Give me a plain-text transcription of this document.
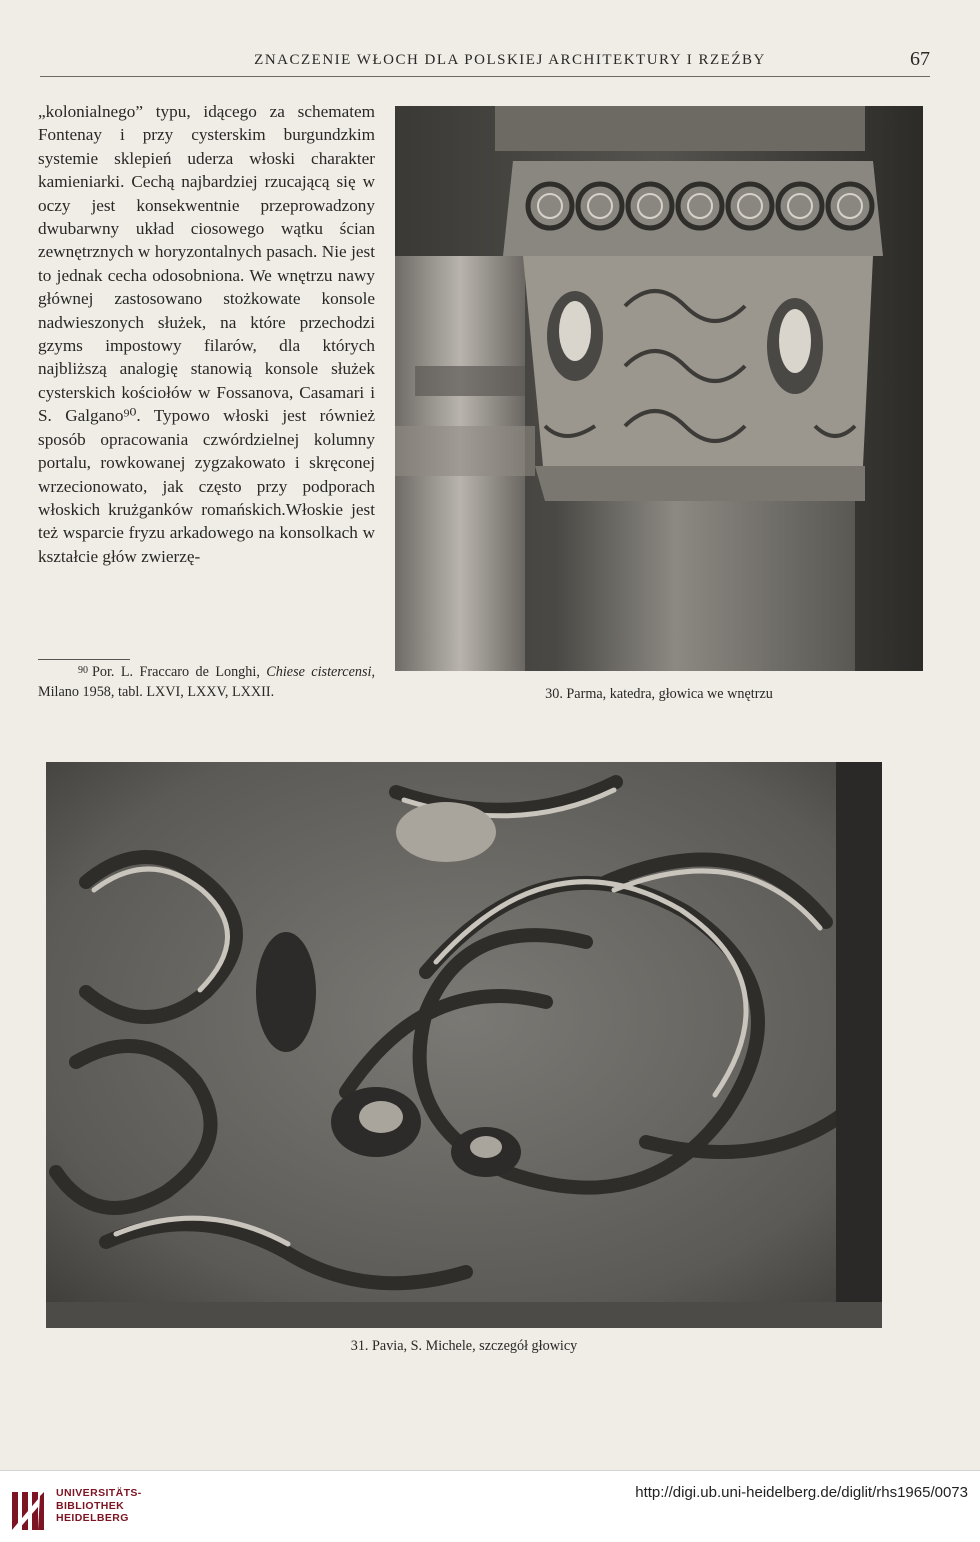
ZNACZENIE WŁOCH DLA POLSKIEJ ARCHITEKTURY I RZEŹBY	67

„kolonialnego” typu, idącego za schematem Fontenay i przy cysterskim burgundzkim systemie sklepień uderza włoski charakter kamieniarki. Cechą najbardziej rzucającą się w oczy jest konsekwentnie przeprowadzony dwubarwny układ ciosowego wątku ścian zewnętrznych w horyzontalnych pasach. Nie jest to jednak cecha odosobniona. We wnętrzu nawy głównej zastosowano stożkowate konsole nadwieszonych służek, na które przechodzi gzyms impostowy filarów, dla których najbliższą analogię stanowią konsole służek cysterskich kościołów w Fossanova, Casamari i S. Galgano⁹⁰. Typowo włoski jest również sposób opracowania czwórdzielnej kolumny portalu, rowkowanej zygzakowato i skręconej wrzecionowato, jak często przy podporach włoskich krużganków romańskich.Włoskie jest też wsparcie fryzu arkadowego na konsolkach w kształcie głów zwierzę-

$^{90}$ Por. L. Fraccaro de Longhi, Chiese cistercensi, Milano 1958, tabl. LXVI, LXXV, LXXII.	30. Parma, katedra, głowica we wnętrzu
31. Pavia, S. Michele, szczegół głowicy
UNIVERSITÄTS-
BIBLIOTHEK
HEIDELBERG
http://digi.ub.uni-heidelberg.de/diglit/rhs1965/0073
